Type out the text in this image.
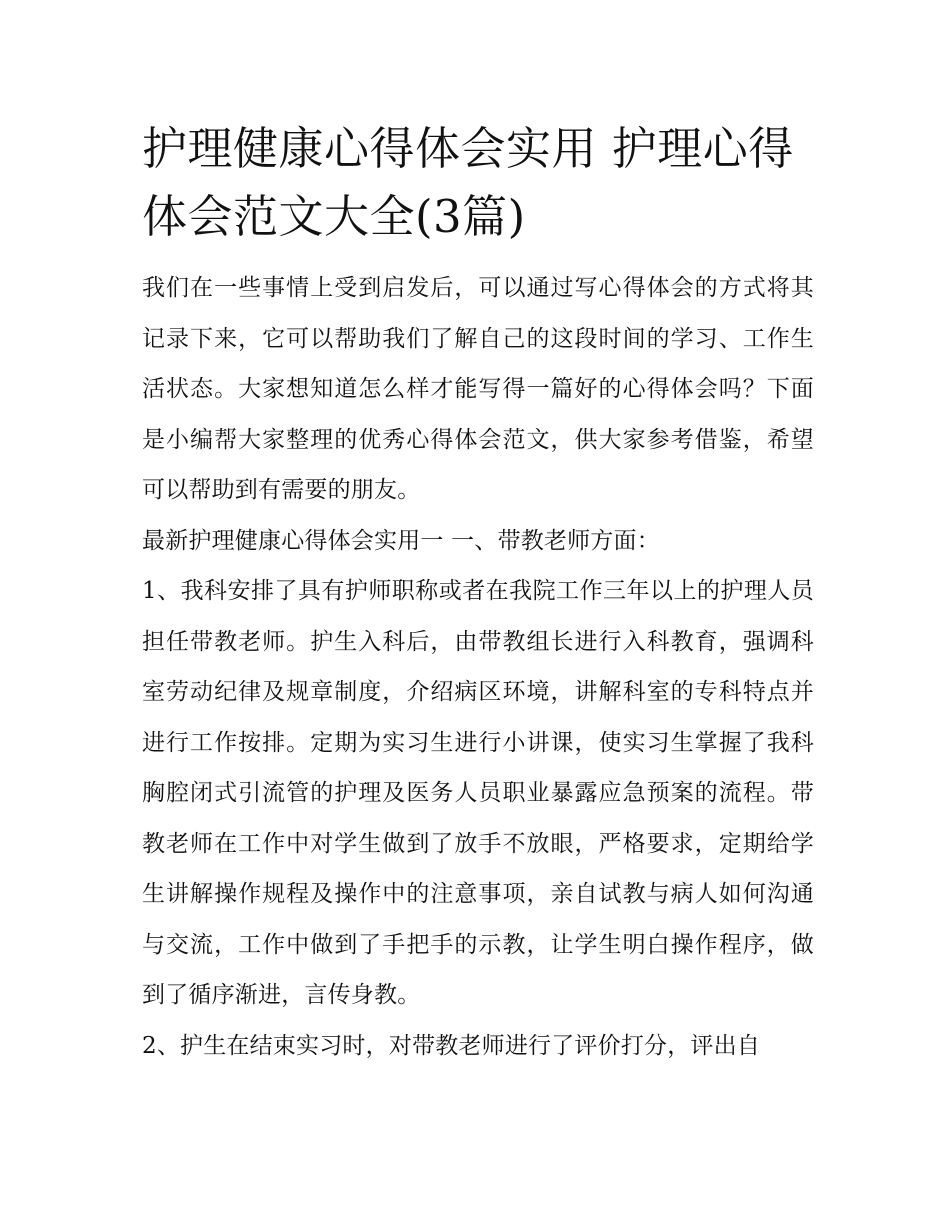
护理健康心得体会实用 护理心得体会范文大全(3篇)

我们在一些事情上受到启发后，可以通过写心得体会的方式将其记录下来，它可以帮助我们了解自己的这段时间的学习、工作生活状态。大家想知道怎么样才能写得一篇好的心得体会吗？下面是小编帮大家整理的优秀心得体会范文，供大家参考借鉴，希望可以帮助到有需要的朋友。

最新护理健康心得体会实用一 一、带教老师方面：

1、我科安排了具有护师职称或者在我院工作三年以上的护理人员担任带教老师。护生入科后，由带教组长进行入科教育，强调科室劳动纪律及规章制度，介绍病区环境，讲解科室的专科特点并进行工作按排。定期为实习生进行小讲课，使实习生掌握了我科胸腔闭式引流管的护理及医务人员职业暴露应急预案的流程。带教老师在工作中对学生做到了放手不放眼，严格要求，定期给学生讲解操作规程及操作中的注意事项，亲自试教与病人如何沟通与交流，工作中做到了手把手的示教，让学生明白操作程序，做到了循序渐进，言传身教。

2、护生在结束实习时，对带教老师进行了评价打分，评出自
